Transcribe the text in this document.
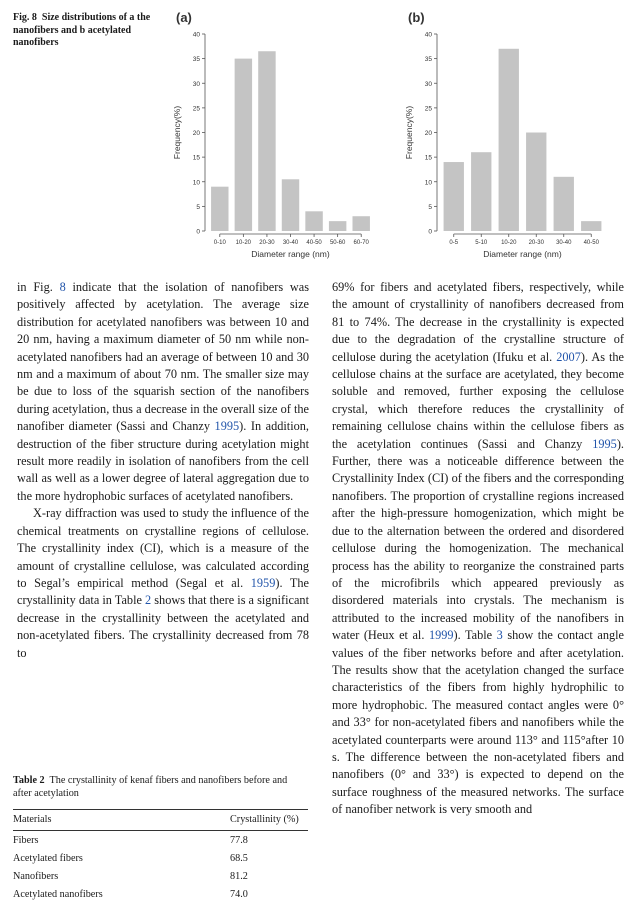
Fig. 8 Size distributions of a the nanofibers and b acetylated nanofibers
(a)
0
5
10
15
20
25
30
35
40
Frequency(%)
0-10 10-20 20-30 30-40 40-50 50-60 60-70
Diameter range (nm)
(b)
0
5
10
15
20
25
30
35
40
Frequency(%)
0-5	5-10 10-20 20-30 30-40 40-50
Diameter range (nm)

in Fig. 8 indicate that the isolation of nanofibers was positively affected by acetylation. The average size distribution for acetylated nanofibers was between 10 and 20 nm, having a maximum diameter of 50 nm while non-acetylated nanofibers had an average of between 10 and 30 nm and a maximum of about 70 nm. The smaller size may be due to loss of the squarish section of the nanofibers during acetylation, thus a decrease in the overall size of the nanofiber diameter (Sassi and Chanzy 1995). In addition, destruction of the fiber structure during acetylation might result more readily in isolation of nanofibers from the cell wall as well as a lower degree of lateral aggregation due to the more hydrophobic surfaces of acetylated nanofibers.

X-ray diffraction was used to study the influence of the chemical treatments on crystalline regions of cellulose. The crystallinity index (CI), which is a measure of the amount of crystalline cellulose, was calculated according to Segal’s empirical method (Segal et al. 1959). The crystallinity data in Table 2 shows that there is a significant decrease in the crystallinity between the acetylated and non-acetylated fibers. The crystallinity decreased from 78 to

69% for fibers and acetylated fibers, respectively, while the amount of crystallinity of nanofibers decreased from 81 to 74%. The decrease in the crystallinity is expected due to the degradation of the crystalline structure of cellulose during the acetylation (Ifuku et al. 2007). As the cellulose chains at the surface are acetylated, they become soluble and removed, further exposing the cellulose crystal, which therefore reduces the crystallinity of remaining cellulose chains within the cellulose fibers as the acetylation continues (Sassi and Chanzy 1995). Further, there was a noticeable difference between the Crystallinity Index (CI) of the fibers and the corresponding nanofibers. The proportion of crystalline regions increased after the high-pressure homogenization, which might be due to the alternation between the ordered and disordered cellulose during the homogenization. The mechanical process has the ability to reorganize the constrained parts of the microfibrils which appeared previously as disordered materials into crystals. The mechanism is attributed to the increased mobility of the nanofibers in water (Heux et al. 1999). Table 3 show the contact angle values of the fiber networks before and after acetylation. The results show that the acetylation changed the surface characteristics of the fibers from highly hydrophilic to more hydrophobic. The measured contact angles were 0° and 33° for non-acetylated fibers and nanofibers while the acetylated counterparts were around 113° and 115°after 10 s. The difference between the non-acetylated fibers and nanofibers (0° and 33°) is expected to depend on the surface roughness of the measured networks. The surface of nanofiber network is very smooth and

Table 2 The crystallinity of kenaf fibers and nanofibers before and after acetylation
Materials	Crystallinity (%)
Fibers	77.8
Acetylated fibers	68.5
Nanofibers	81.2
Acetylated nanofibers	74.0
